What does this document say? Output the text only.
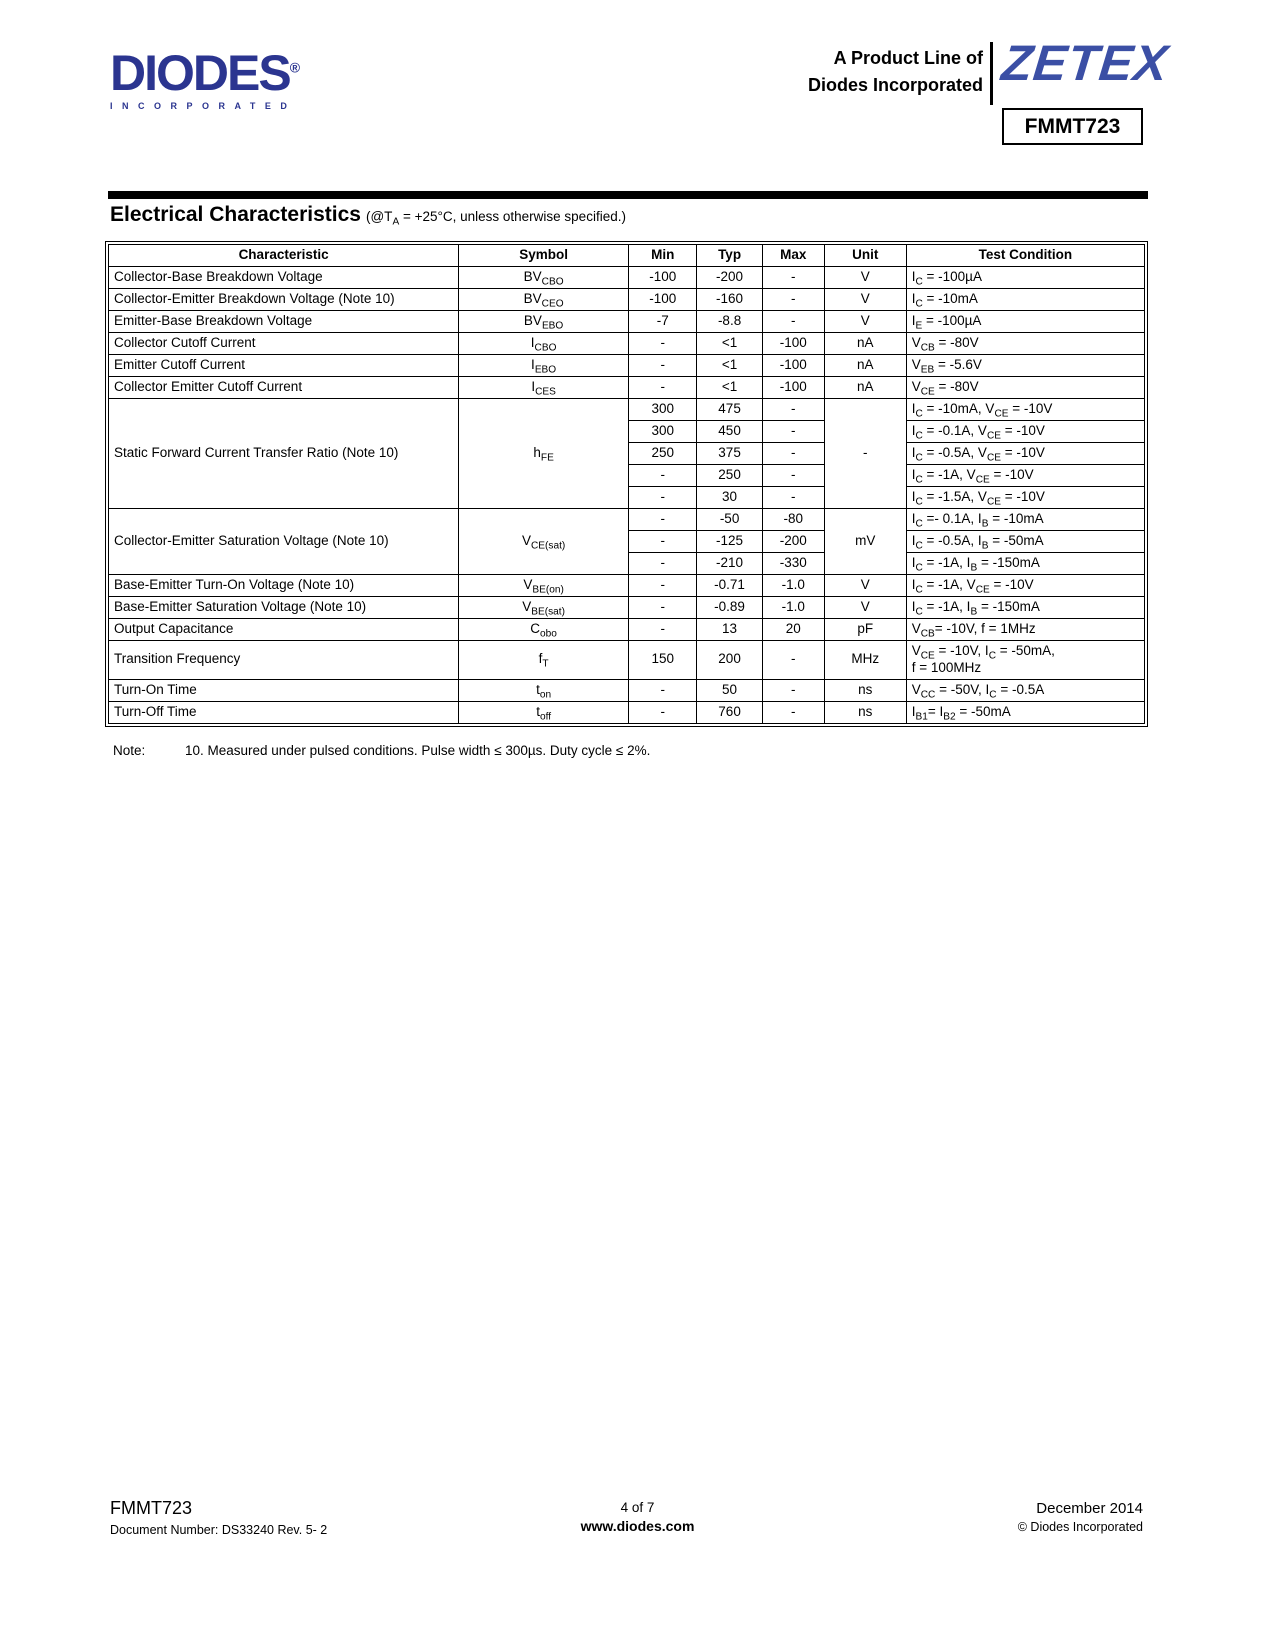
DIODES®
INCORPORATED
A Product Line of
Diodes Incorporated ZETEX
FMMT723
Electrical Characteristics ($@T_A = +25^\circ C$, unless otherwise specified.)
Characteristic	Symbol	Min	Typ	Max	Unit	Test Condition
Collector-Base Breakdown Voltage	$BV_{CBO}$	-100	-200	-	V	$I_C = -100\mu A$
Collector-Emitter Breakdown Voltage (Note 10)	$BV_{CEO}$	-100	-160	-	V	$I_C = -10mA$
Emitter-Base Breakdown Voltage	$BV_{EBO}$	-7	-8.8	-	V	$I_E = -100\mu A$
Collector Cutoff Current	$I_{CBO}$	-	<1	-100	nA	$V_{CB} = -80V$
Emitter Cutoff Current	$I_{EBO}$	-	<1	-100	nA	$V_{EB} = -5.6V$
Collector Emitter Cutoff Current	$I_{CES}$	-	<1	-100	nA	$V_{CE} = -80V$
Static Forward Current Transfer Ratio (Note 10)	$h_{FE}$	300	475	-	-	$I_C = -10mA$, $V_{CE} = -10V$
		300	450	-		$I_C = -0.1A$, $V_{CE} = -10V$
		250	375	-		$I_C = -0.5A$, $V_{CE} = -10V$
		-	250	-		$I_C = -1A$, $V_{CE} = -10V$
		-	30	-		$I_C = -1.5A$, $V_{CE} = -10V$
Collector-Emitter Saturation Voltage (Note 10)	$V_{CE(sat)}$	-	-50	-80	mV	$I_C =- 0.1A$, $I_B = -10mA$
		-	-125	-200		$I_C = -0.5A$, $I_B = -50mA$
		-	-210	-330		$I_C = -1A$, $I_B = -150mA$
Base-Emitter Turn-On Voltage (Note 10)	$V_{BE(on)}$	-	-0.71	-1.0	V	$I_C = -1A$, $V_{CE} = -10V$
Base-Emitter Saturation Voltage (Note 10)	$V_{BE(sat)}$	-	-0.89	-1.0	V	$I_C = -1A$, $I_B = -150mA$
Output Capacitance	$C_{obo}$	-	13	20	pF	$V_{CB}= -10V$, f = 1MHz
Transition Frequency	$f_T$	150	200	-	MHz	$V_{CE} = -10V$, $I_C = -50mA$,
f = 100MHz
Turn-On Time	$t_{on}$	-	50	-	ns	$V_{CC} = -50V$, $I_C = -0.5A$
Turn-Off Time	$t_{off}$	-	760	-	ns	$I_{B1}= I_{B2} = -50mA$
Note:	10. Measured under pulsed conditions. Pulse width ≤ 300µs. Duty cycle ≤ 2%.
FMMT723
Document Number: DS33240 Rev. 5- 2
4 of 7
www.diodes.com
December 2014
© Diodes Incorporated
